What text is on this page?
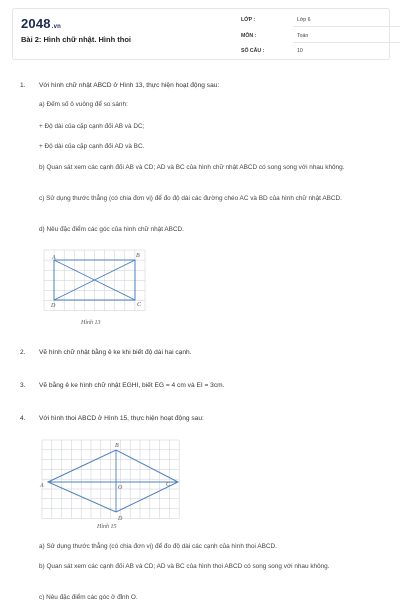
2048.vn
Bài 2: Hình chữ nhật. Hình thoi
LỚP :	Lớp 6
MÔN :	Toán
SỐ CÂU :	10
1.	Với hình chữ nhật ABCD ở Hình 13, thực hiện hoạt động sau:
a) Đếm số ô vuông để so sánh:
+ Độ dài của cặp cạnh đối AB và DC;
+ Độ dài của cặp cạnh đối AD và BC.
b) Quan sát xem các cạnh đối AB và CD; AD và BC của hình chữ nhật ABCD có song song với nhau không.
c) Sử dụng thước thẳng (có chia đơn vị) để đo độ dài các đường chéo AC và BD của hình chữ nhật ABCD.
d) Nêu đặc điểm các góc của hình chữ nhật ABCD.
A	B
C
D
Hình 13
2.	Vẽ hình chữ nhật bằng ê ke khi biết độ dài hai cạnh.
3.	Vẽ bằng ê ke hình chữ nhật EGHI, biết EG = 4 cm và EI = 3cm.
4.	Với hình thoi ABCD ở Hình 15, thực hiện hoạt động sau:
A
B
C
D
O
Hình 15
a) Sử dụng thước thẳng (có chia đơn vị) để đo độ dài các cạnh của hình thoi ABCD.
b) Quan sát xem các cạnh đối AB và CD; AD và BC của hình thoi ABCD có song song với nhau không.
c) Nêu đặc điểm các góc ở đỉnh O.
